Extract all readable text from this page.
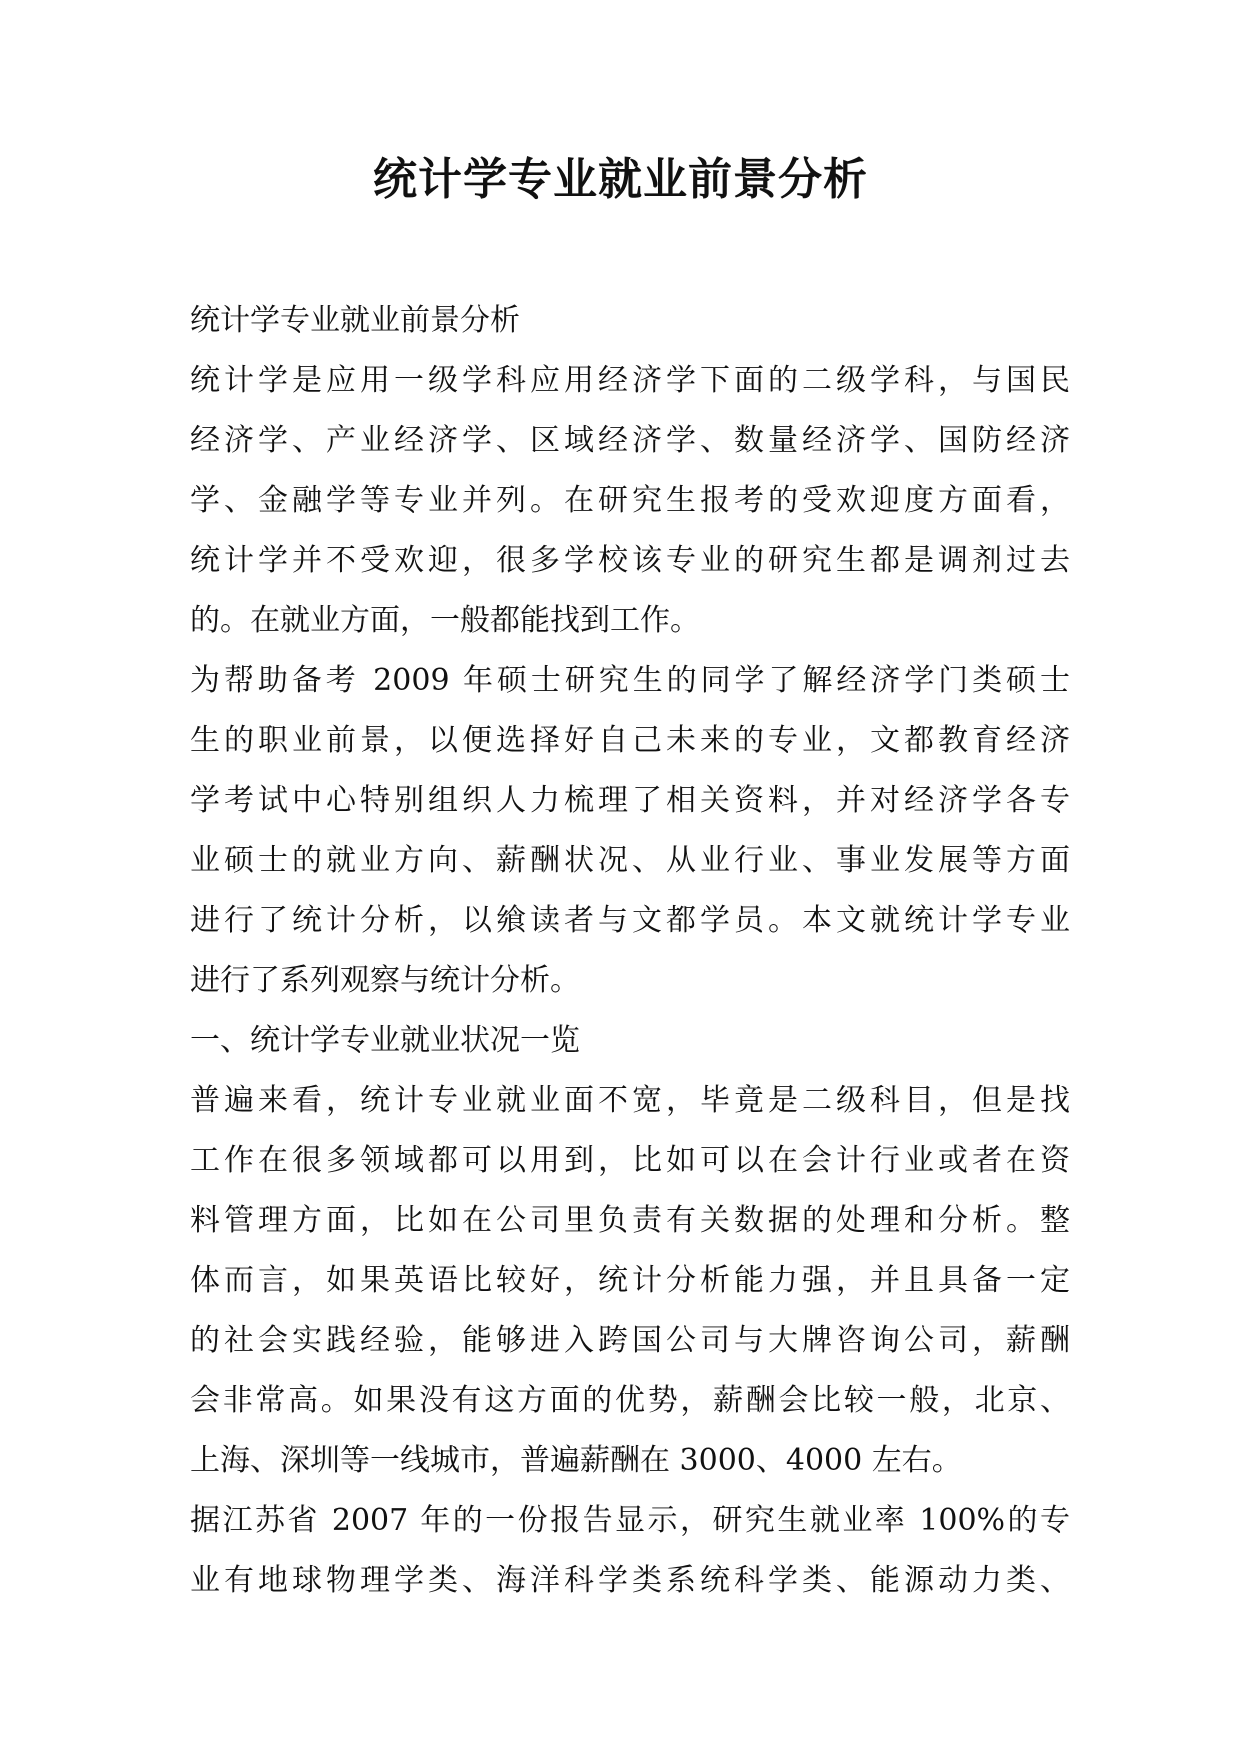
统计学专业就业前景分析
统计学专业就业前景分析
统计学是应用一级学科应用经济学下面的二级学科，与国民
经济学、产业经济学、区域经济学、数量经济学、国防经济
学、金融学等专业并列。在研究生报考的受欢迎度方面看，
统计学并不受欢迎，很多学校该专业的研究生都是调剂过去
的。在就业方面，一般都能找到工作。
为帮助备考 2009 年硕士研究生的同学了解经济学门类硕士
生的职业前景，以便选择好自己未来的专业，文都教育经济
学考试中心特别组织人力梳理了相关资料，并对经济学各专
业硕士的就业方向、薪酬状况、从业行业、事业发展等方面
进行了统计分析，以飨读者与文都学员。本文就统计学专业
进行了系列观察与统计分析。
一、统计学专业就业状况一览
普遍来看，统计专业就业面不宽，毕竟是二级科目，但是找
工作在很多领域都可以用到，比如可以在会计行业或者在资
料管理方面，比如在公司里负责有关数据的处理和分析。整
体而言，如果英语比较好，统计分析能力强，并且具备一定
的社会实践经验，能够进入跨国公司与大牌咨询公司，薪酬
会非常高。如果没有这方面的优势，薪酬会比较一般，北京、
上海、深圳等一线城市，普遍薪酬在 3000、4000 左右。
据江苏省 2007 年的一份报告显示，研究生就业率 100%的专
业有地球物理学类、海洋科学类系统科学类、能源动力类、
